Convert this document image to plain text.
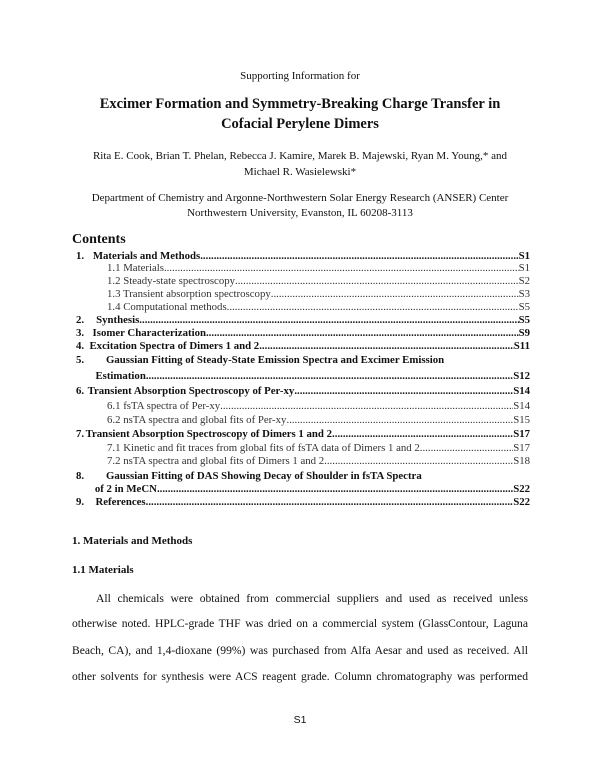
Supporting Information for
Excimer Formation and Symmetry-Breaking Charge Transfer in
Cofacial Perylene Dimers
Rita E. Cook, Brian T. Phelan, Rebecca J. Kamire, Marek B. Majewski, Ryan M. Young,* and
Michael R. Wasielewski*
Department of Chemistry and Argonne-Northwestern Solar Energy Research (ANSER) Center
Northwestern University, Evanston, IL 60208-3113
Contents
1. Materials and Methods .....	S1
1.1 Materials .....	S1
1.2 Steady-state spectroscopy .....	S2
1.3 Transient absorption spectroscopy .....	S3
1.4 Computational methods .....	S5
2.	Synthesis .....	S5
3. Isomer Characterization .....	S9
4. Excitation Spectra of Dimers 1 and 2 .....	S11
5.	Gaussian Fitting of Steady-State Emission Spectra and Excimer Emission
Estimation .....	S12
6. Transient Absorption Spectroscopy of Per-xy .....	S14
6.1 fsTA spectra of Per-xy .....	S14
6.2 nsTA spectra and global fits of Per-xy .....	S15
7. Transient Absorption Spectroscopy of Dimers 1 and 2 .....	S17
7.1 Kinetic and fit traces from global fits of fsTA data of Dimers 1 and 2 .....	S17
7.2 nsTA spectra and global fits of Dimers 1 and 2 .....	S18
8.	Gaussian Fitting of DAS Showing Decay of Shoulder in fsTA Spectra
of 2 in MeCN .....	S22
9.	References .....	S22
1. Materials and Methods
1.1 Materials
All chemicals were obtained from commercial suppliers and used as received unless
otherwise noted. HPLC-grade THF was dried on a commercial system (GlassContour, Laguna
Beach, CA), and 1,4-dioxane (99%) was purchased from Alfa Aesar and used as received. All
other solvents for synthesis were ACS reagent grade. Column chromatography was performed
S1
